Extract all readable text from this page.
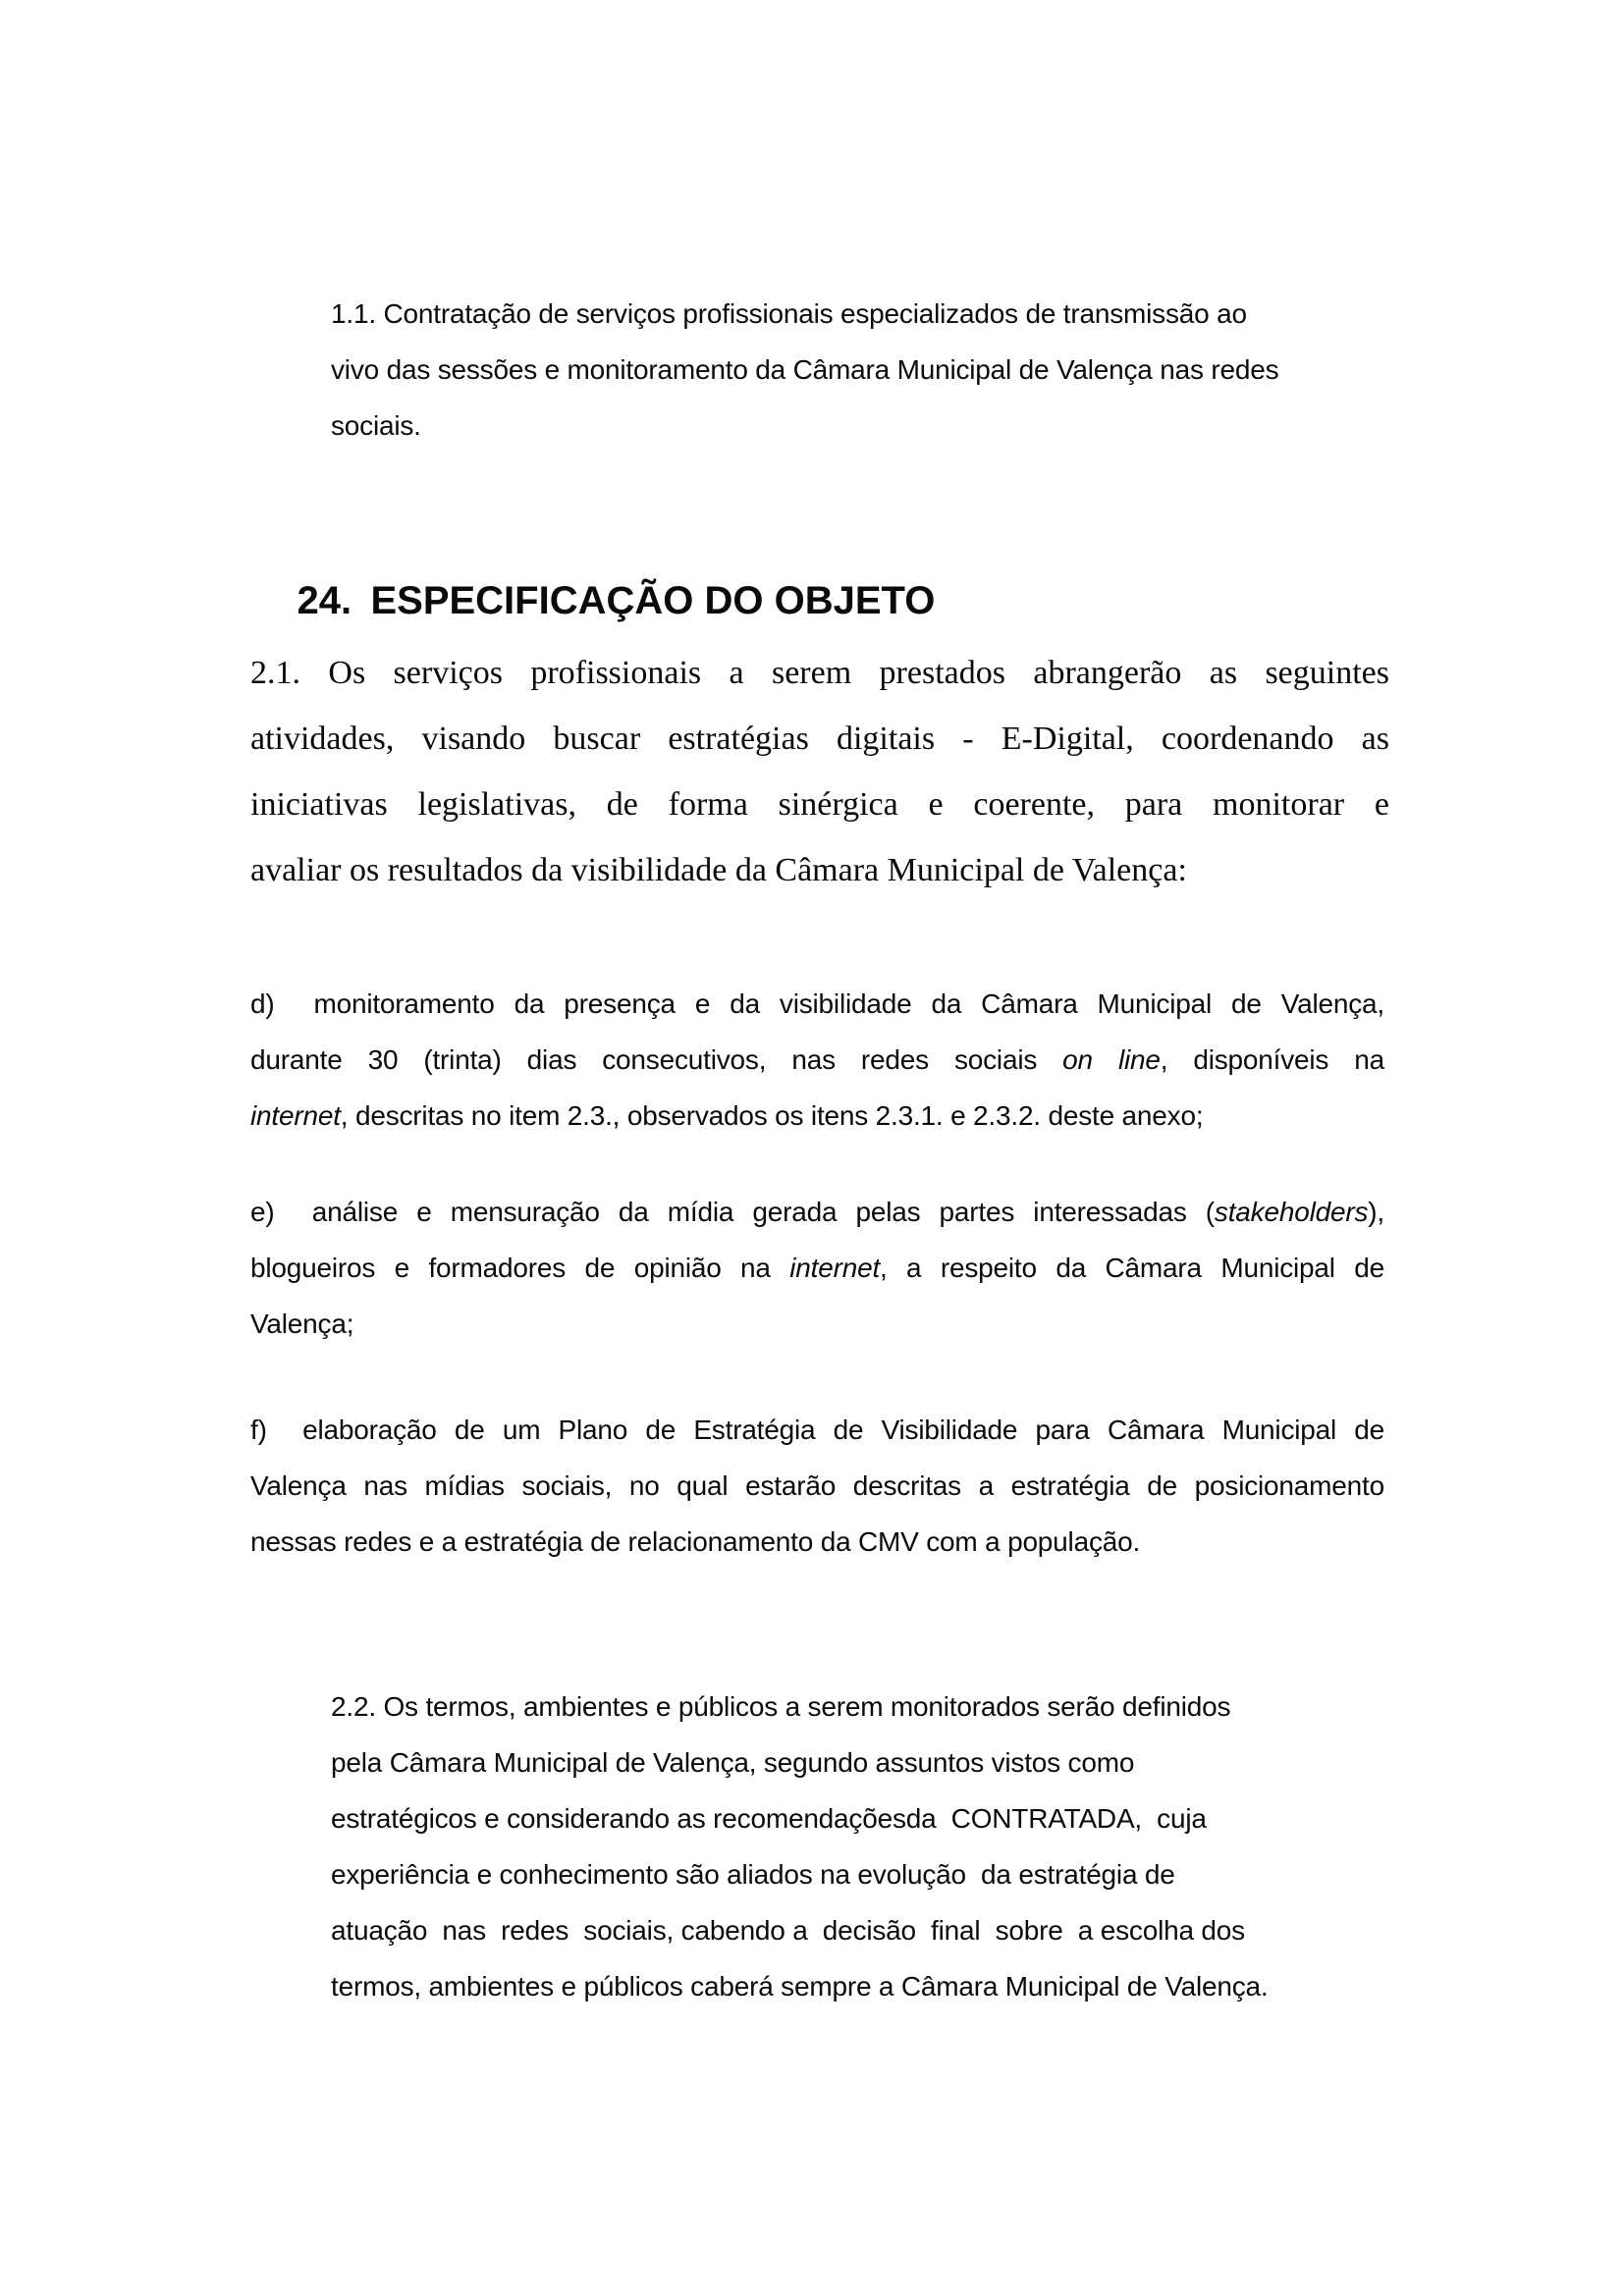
1.1. Contratação de serviços profissionais especializados de transmissão ao
vivo das sessões e monitoramento da Câmara Municipal de Valença nas redes
sociais.

24. ESPECIFICAÇÃO DO OBJETO

2.1. Os serviços profissionais a serem prestados abrangerão as seguintes
atividades, visando buscar estratégias digitais - E-Digital, coordenando as
iniciativas legislativas, de forma sinérgica e coerente, para monitorar e
avaliar os resultados da visibilidade da Câmara Municipal de Valença:
d)  monitoramento da presença e da visibilidade da Câmara Municipal de Valença,
durante 30 (trinta) dias consecutivos, nas redes sociais on line, disponíveis na
internet, descritas no item 2.3., observados os itens 2.3.1. e 2.3.2. deste anexo;
e)  análise e mensuração da mídia gerada pelas partes interessadas (stakeholders),
blogueiros e formadores de opinião na internet, a respeito da Câmara Municipal de
Valença;
f)  elaboração de um Plano de Estratégia de Visibilidade para Câmara Municipal de
Valença nas mídias sociais, no qual estarão descritas a estratégia de posicionamento
nessas redes e a estratégia de relacionamento da CMV com a população.
2.2. Os termos, ambientes e públicos a serem monitorados serão definidos
pela Câmara Municipal de Valença, segundo assuntos vistos como
estratégicos e considerando as recomendaçõesda  CONTRATADA,  cuja
experiência e conhecimento são aliados na evolução  da estratégia de
atuação  nas  redes  sociais, cabendo a  decisão  final  sobre  a escolha dos
termos, ambientes e públicos caberá sempre a Câmara Municipal de Valença.
